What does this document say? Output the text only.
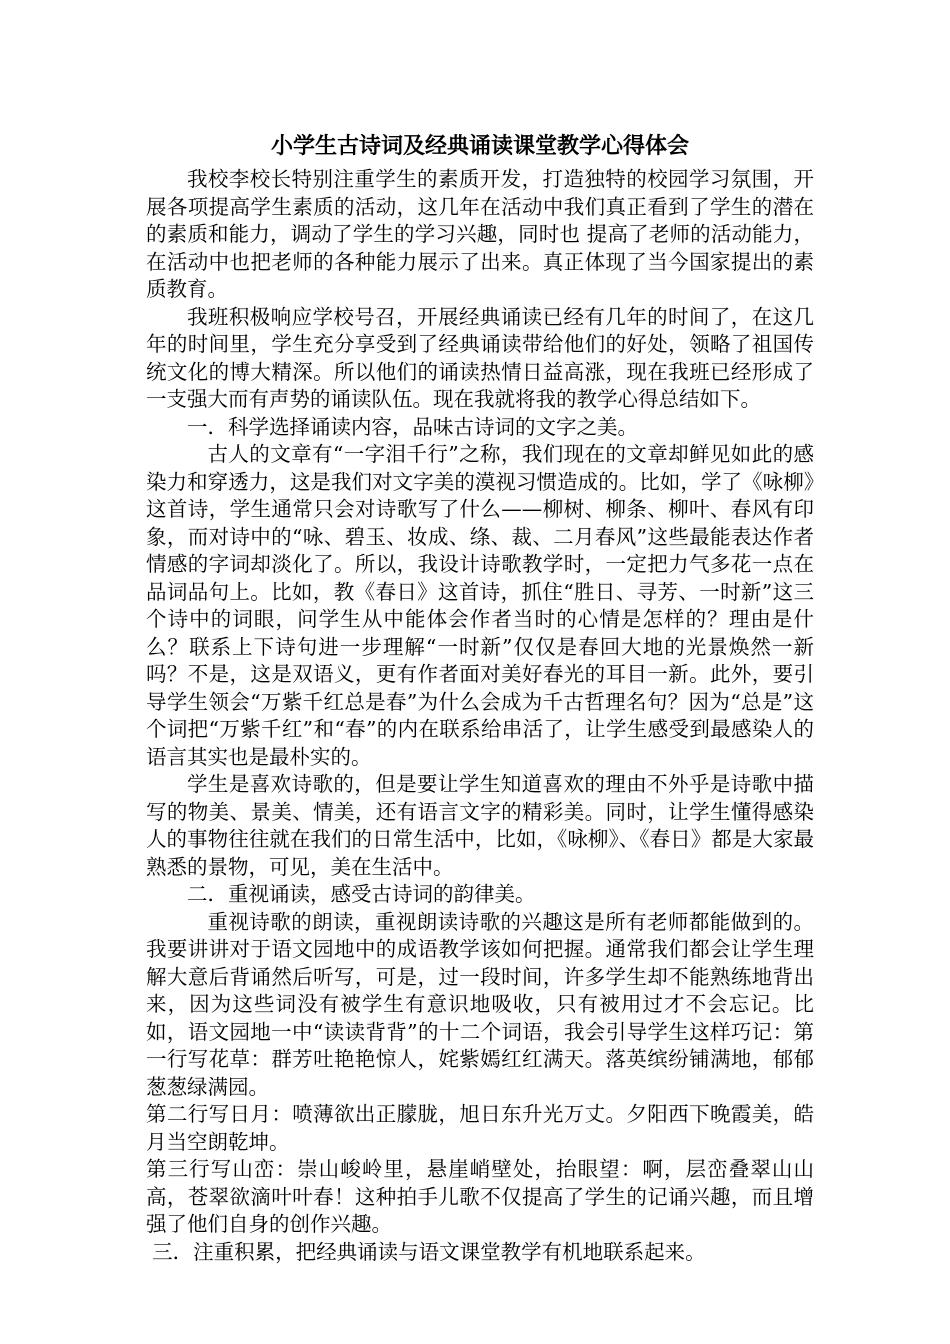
小学生古诗词及经典诵读课堂教学心得体会

我校李校长特别注重学生的素质开发，打造独特的校园学习氛围，开展各项提高学生素质的活动，这几年在活动中我们真正看到了学生的潜在的素质和能力，调动了学生的学习兴趣，同时也 提高了老师的活动能力，在活动中也把老师的各种能力展示了出来。真正体现了当今国家提出的素质教育。

我班积极响应学校号召，开展经典诵读已经有几年的时间了，在这几年的时间里，学生充分享受到了经典诵读带给他们的好处，领略了祖国传统文化的博大精深。所以他们的诵读热情日益高涨，现在我班已经形成了一支强大而有声势的诵读队伍。现在我就将我的教学心得总结如下。

一．科学选择诵读内容，品味古诗词的文字之美。

古人的文章有“一字泪千行”之称，我们现在的文章却鲜见如此的感染力和穿透力，这是我们对文字美的漠视习惯造成的。比如，学了《咏柳》这首诗，学生通常只会对诗歌写了什么——柳树、柳条、柳叶、春风有印象，而对诗中的“咏、碧玉、妆成、绦、裁、二月春风”这些最能表达作者情感的字词却淡化了。所以，我设计诗歌教学时，一定把力气多花一点在品词品句上。比如，教《春日》这首诗，抓住“胜日、寻芳、一时新”这三个诗中的词眼，问学生从中能体会作者当时的心情是怎样的？理由是什么？联系上下诗句进一步理解“一时新”仅仅是春回大地的光景焕然一新吗？不是，这是双语义，更有作者面对美好春光的耳目一新。此外，要引导学生领会“万紫千红总是春”为什么会成为千古哲理名句？因为“总是”这个词把“万紫千红”和“春”的内在联系给串活了，让学生感受到最感染人的语言其实也是最朴实的。

学生是喜欢诗歌的，但是要让学生知道喜欢的理由不外乎是诗歌中描写的物美、景美、情美，还有语言文字的精彩美。同时，让学生懂得感染人的事物往往就在我们的日常生活中，比如，《咏柳》、《春日》都是大家最熟悉的景物，可见，美在生活中。

二．重视诵读，感受古诗词的韵律美。

重视诗歌的朗读，重视朗读诗歌的兴趣这是所有老师都能做到的。我要讲讲对于语文园地中的成语教学该如何把握。通常我们都会让学生理解大意后背诵然后听写，可是，过一段时间，许多学生却不能熟练地背出来，因为这些词没有被学生有意识地吸收，只有被用过才不会忘记。比如，语文园地一中“读读背背”的十二个词语，我会引导学生这样巧记：第一行写花草：群芳吐艳艳惊人，姹紫嫣红红满天。落英缤纷铺满地，郁郁葱葱绿满园。

第二行写日月：喷薄欲出正朦胧，旭日东升光万丈。夕阳西下晚霞美，皓月当空朗乾坤。

第三行写山峦：崇山峻岭里，悬崖峭壁处，抬眼望：啊，层峦叠翠山山高，苍翠欲滴叶叶春！这种拍手儿歌不仅提高了学生的记诵兴趣，而且增强了他们自身的创作兴趣。

三．注重积累，把经典诵读与语文课堂教学有机地联系起来。
